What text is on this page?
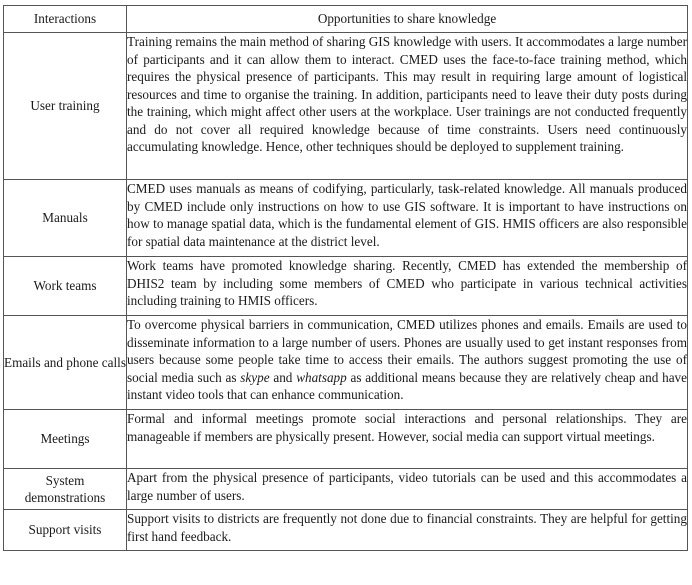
Interactions	Opportunities to share knowledge
User training	Training remains the main method of sharing GIS knowledge with users. It accommodates a large number of participants and it can allow them to interact. CMED uses the face-to-face training method, which requires the physical presence of participants. This may result in requiring large amount of logistical resources and time to organise the training. In addition, participants need to leave their duty posts during the training, which might affect other users at the workplace. User trainings are not conducted frequently and do not cover all required knowledge because of time constraints. Users need continuously accumulating knowledge. Hence, other techniques should be deployed to supplement training.

Manuals	CMED uses manuals as means of codifying, particularly, task-related knowledge. All manuals produced by CMED include only instructions on how to use GIS software. It is important to have instructions on how to manage spatial data, which is the fundamental element of GIS. HMIS officers are also responsible for spatial data maintenance at the district level.

Work teams	Work teams have promoted knowledge sharing. Recently, CMED has extended the membership of DHIS2 team by including some members of CMED who participate in various technical activities including training to HMIS officers.

Emails and phone calls	To overcome physical barriers in communication, CMED utilizes phones and emails. Emails are used to disseminate information to a large number of users. Phones are usually used to get instant responses from users because some people take time to access their emails. The authors suggest promoting the use of social media such as skype and whatsapp as additional means because they are relatively cheap and have instant video tools that can enhance communication.

Meetings	Formal and informal meetings promote social interactions and personal relationships. They are manageable if members are physically present. However, social media can support virtual meetings.

System demonstrations	Apart from the physical presence of participants, video tutorials can be used and this accommodates a large number of users.

Support visits	Support visits to districts are frequently not done due to financial constraints. They are helpful for getting first hand feedback.
